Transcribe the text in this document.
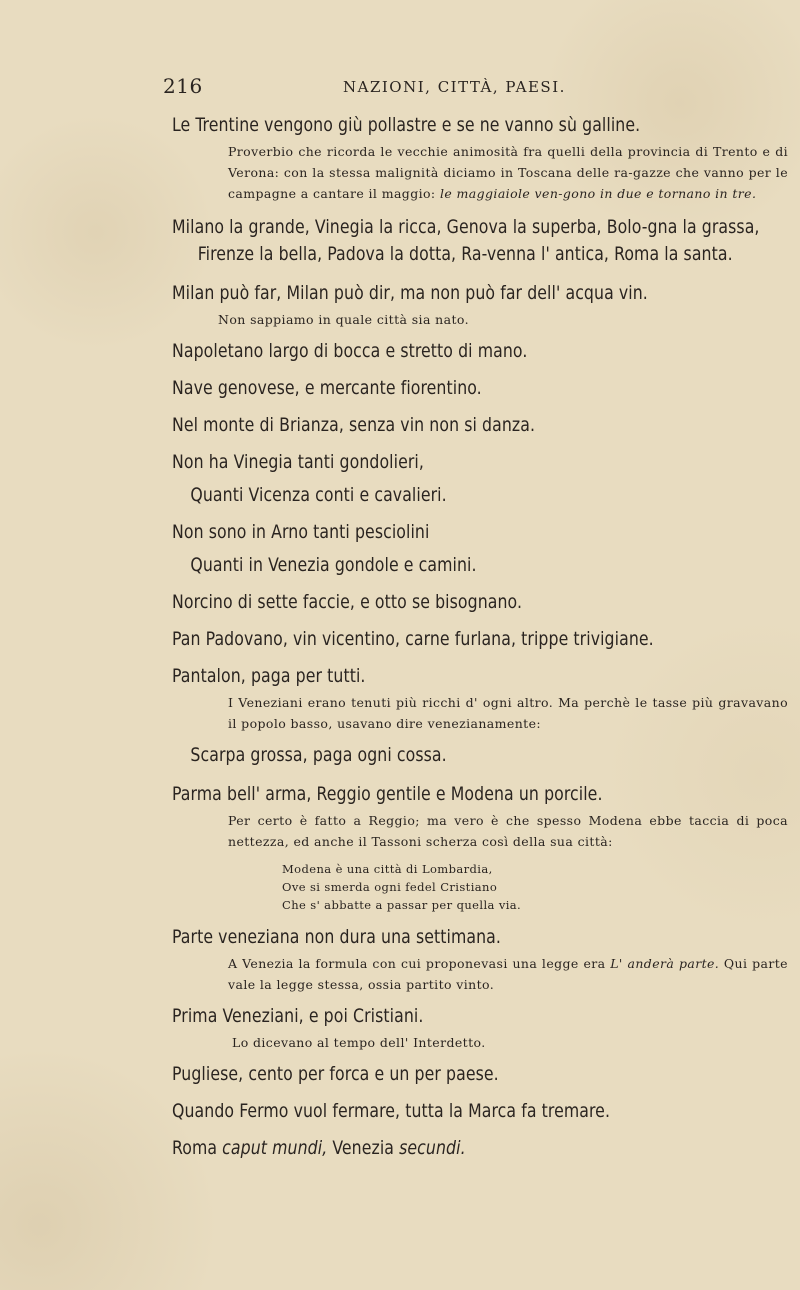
216	NAZIONI, CITTÀ, PAESI.

Le Trentine vengono giù pollastre e se ne vanno sù galline.

Proverbio che ricorda le vecchie animosità fra quelli della provincia di Trento e di Verona: con la stessa malignità diciamo in Toscana delle ra-gazze che vanno per le campagne a cantare il maggio: le maggiaiole ven-gono in due e tornano in tre.

Milano la grande, Vinegia la ricca, Genova la superba, Bolo-gna la grassa, Firenze la bella, Padova la dotta, Ra-venna l' antica, Roma la santa.

Milan può far, Milan può dir, ma non può far dell' acqua vin.

Non sappiamo in quale città sia nato.

Napoletano largo di bocca e stretto di mano.

Nave genovese, e mercante fiorentino.

Nel monte di Brianza, senza vin non si danza.

Non ha Vinegia tanti gondolieri,

Quanti Vicenza conti e cavalieri.

Non sono in Arno tanti pesciolini

Quanti in Venezia gondole e camini.

Norcino di sette faccie, e otto se bisognano.

Pan Padovano, vin vicentino, carne furlana, trippe trivigiane.

Pantalon, paga per tutti.

I Veneziani erano tenuti più ricchi d' ogni altro. Ma perchè le tasse più gravavano il popolo basso, usavano dire venezianamente:

Scarpa grossa, paga ogni cossa.

Parma bell' arma, Reggio gentile e Modena un porcile.

Per certo è fatto a Reggio; ma vero è che spesso Modena ebbe taccia di poca nettezza, ed anche il Tassoni scherza così della sua città:
Modena è una città di Lombardia,
Ove si smerda ogni fedel Cristiano
Che s' abbatte a passar per quella via.

Parte veneziana non dura una settimana.

A Venezia la formula con cui proponevasi una legge era L' anderà parte. Qui parte vale la legge stessa, ossia partito vinto.

Prima Veneziani, e poi Cristiani.

Lo dicevano al tempo dell' Interdetto.

Pugliese, cento per forca e un per paese.

Quando Fermo vuol fermare, tutta la Marca fa tremare.

Roma caput mundi, Venezia secundi.
